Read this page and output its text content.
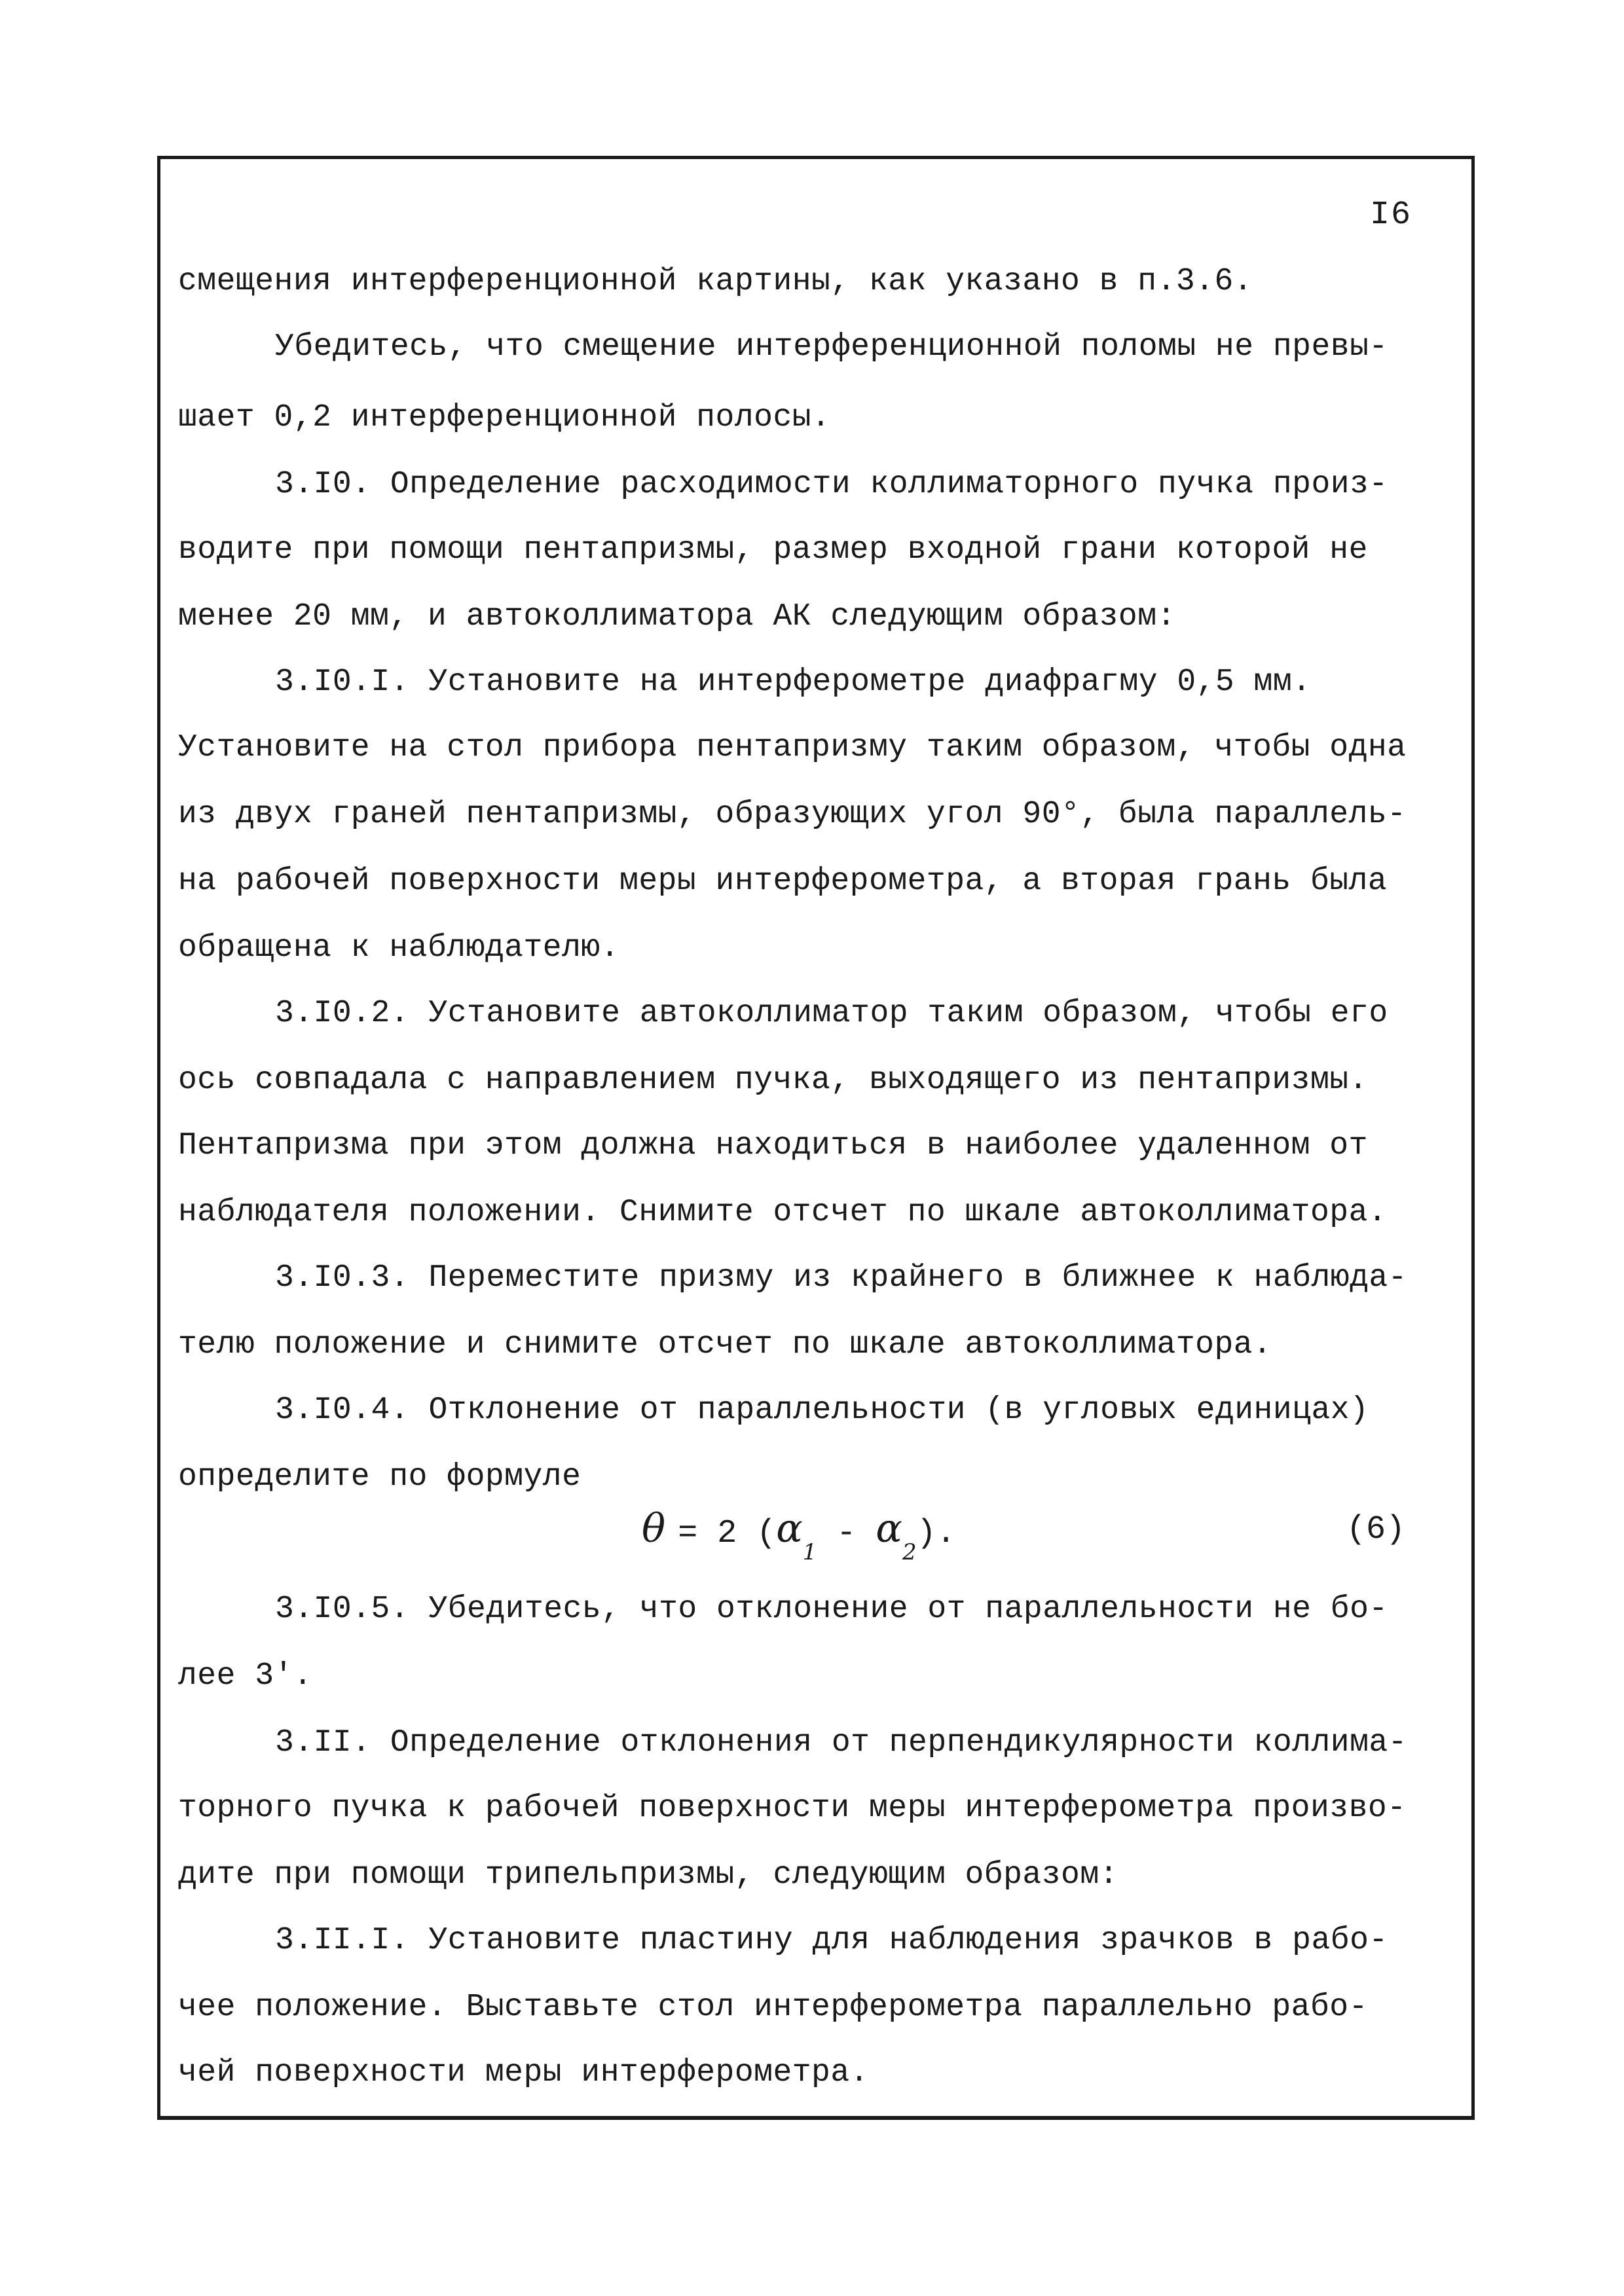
I6
смещения интерференционной картины, как указано в п.3.6.
Убедитесь, что смещение интерференционной поломы не превы-
шает 0,2 интерференционной полосы.
3.I0. Определение расходимости коллиматорного пучка произ-
водите при помощи пентапризмы, размер входной грани которой не
менее 20 мм, и автоколлиматора АК следующим образом:
3.I0.I. Установите на интерферометре диафрагму 0,5 мм.
Установите на стол прибора пентапризму таким образом, чтобы одна
из двух граней пентапризмы, образующих угол 90°, была параллель-
на рабочей поверхности меры интерферометра, а вторая грань была
обращена к наблюдателю.
3.I0.2. Установите автоколлиматор таким образом, чтобы его
ось совпадала с направлением пучка, выходящего из пентапризмы.
Пентапризма при этом должна находиться в наиболее удаленном от
наблюдателя положении. Снимите отсчет по шкале автоколлиматора.
3.I0.3. Переместите призму из крайнего в ближнее к наблюда-
телю положение и снимите отсчет по шкале автоколлиматора.
3.I0.4. Отклонение от параллельности (в угловых единицах)
определите по формуле
θ = 2 $(\alpha_1 - \alpha_2)$.	(6)
3.I0.5. Убедитесь, что отклонение от параллельности не бо-
лее 3'.
3.II. Определение отклонения от перпендикулярности коллима-
торного пучка к рабочей поверхности меры интерферометра произво-
дите при помощи трипельпризмы, следующим образом:
3.II.I. Установите пластину для наблюдения зрачков в рабо-
чее положение. Выставьте стол интерферометра параллельно рабо-
чей поверхности меры интерферометра.
